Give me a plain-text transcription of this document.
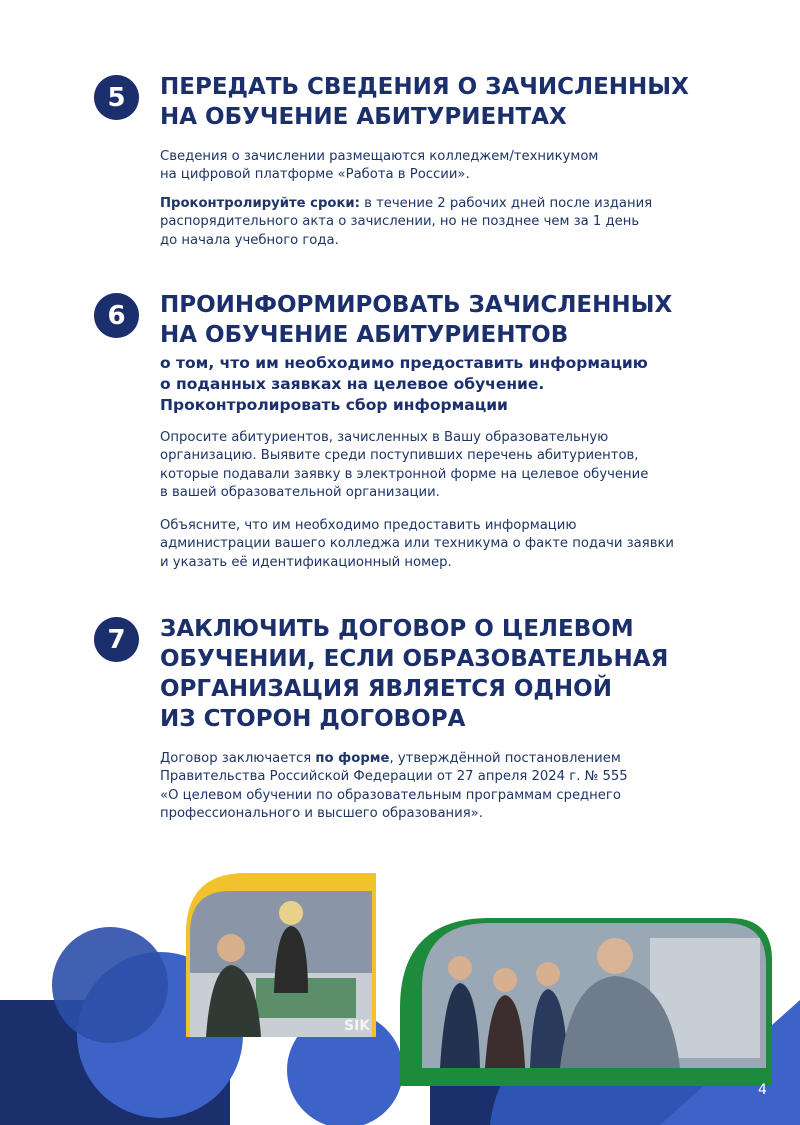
5 ПЕРЕДАТЬ СВЕДЕНИЯ О ЗАЧИСЛЕННЫХ
НА ОБУЧЕНИЕ АБИТУРИЕНТАХ

Сведения о зачислении размещаются колледжем/техникумом
на цифровой платформе «Работа в России».

Проконтролируйте сроки: в течение 2 рабочих дней после издания
распорядительного акта о зачислении, но не позднее чем за 1 день
до начала учебного года.

6 ПРОИНФОРМИРОВАТЬ ЗАЧИСЛЕННЫХ
НА ОБУЧЕНИЕ АБИТУРИЕНТОВ

о том, что им необходимо предоставить информацию
о поданных заявках на целевое обучение.
Проконтролировать сбор информации

Опросите абитуриентов, зачисленных в Вашу образовательную
организацию. Выявите среди поступивших перечень абитуриентов,
которые подавали заявку в электронной форме на целевое обучение
в вашей образовательной организации.

Объясните, что им необходимо предоставить информацию
администрации вашего колледжа или техникума о факте подачи заявки
и указать её идентификационный номер.

7 ЗАКЛЮЧИТЬ ДОГОВОР О ЦЕЛЕВОМ
ОБУЧЕНИИ, ЕСЛИ ОБРАЗОВАТЕЛЬНАЯ
ОРГАНИЗАЦИЯ ЯВЛЯЕТСЯ ОДНОЙ
ИЗ СТОРОН ДОГОВОРА

Договор заключается по форме, утверждённой постановлением
Правительства Российской Федерации от 27 апреля 2024 г. № 555
«О целевом обучении по образовательным программам среднего
профессионального и высшего образования».

SIK
4
